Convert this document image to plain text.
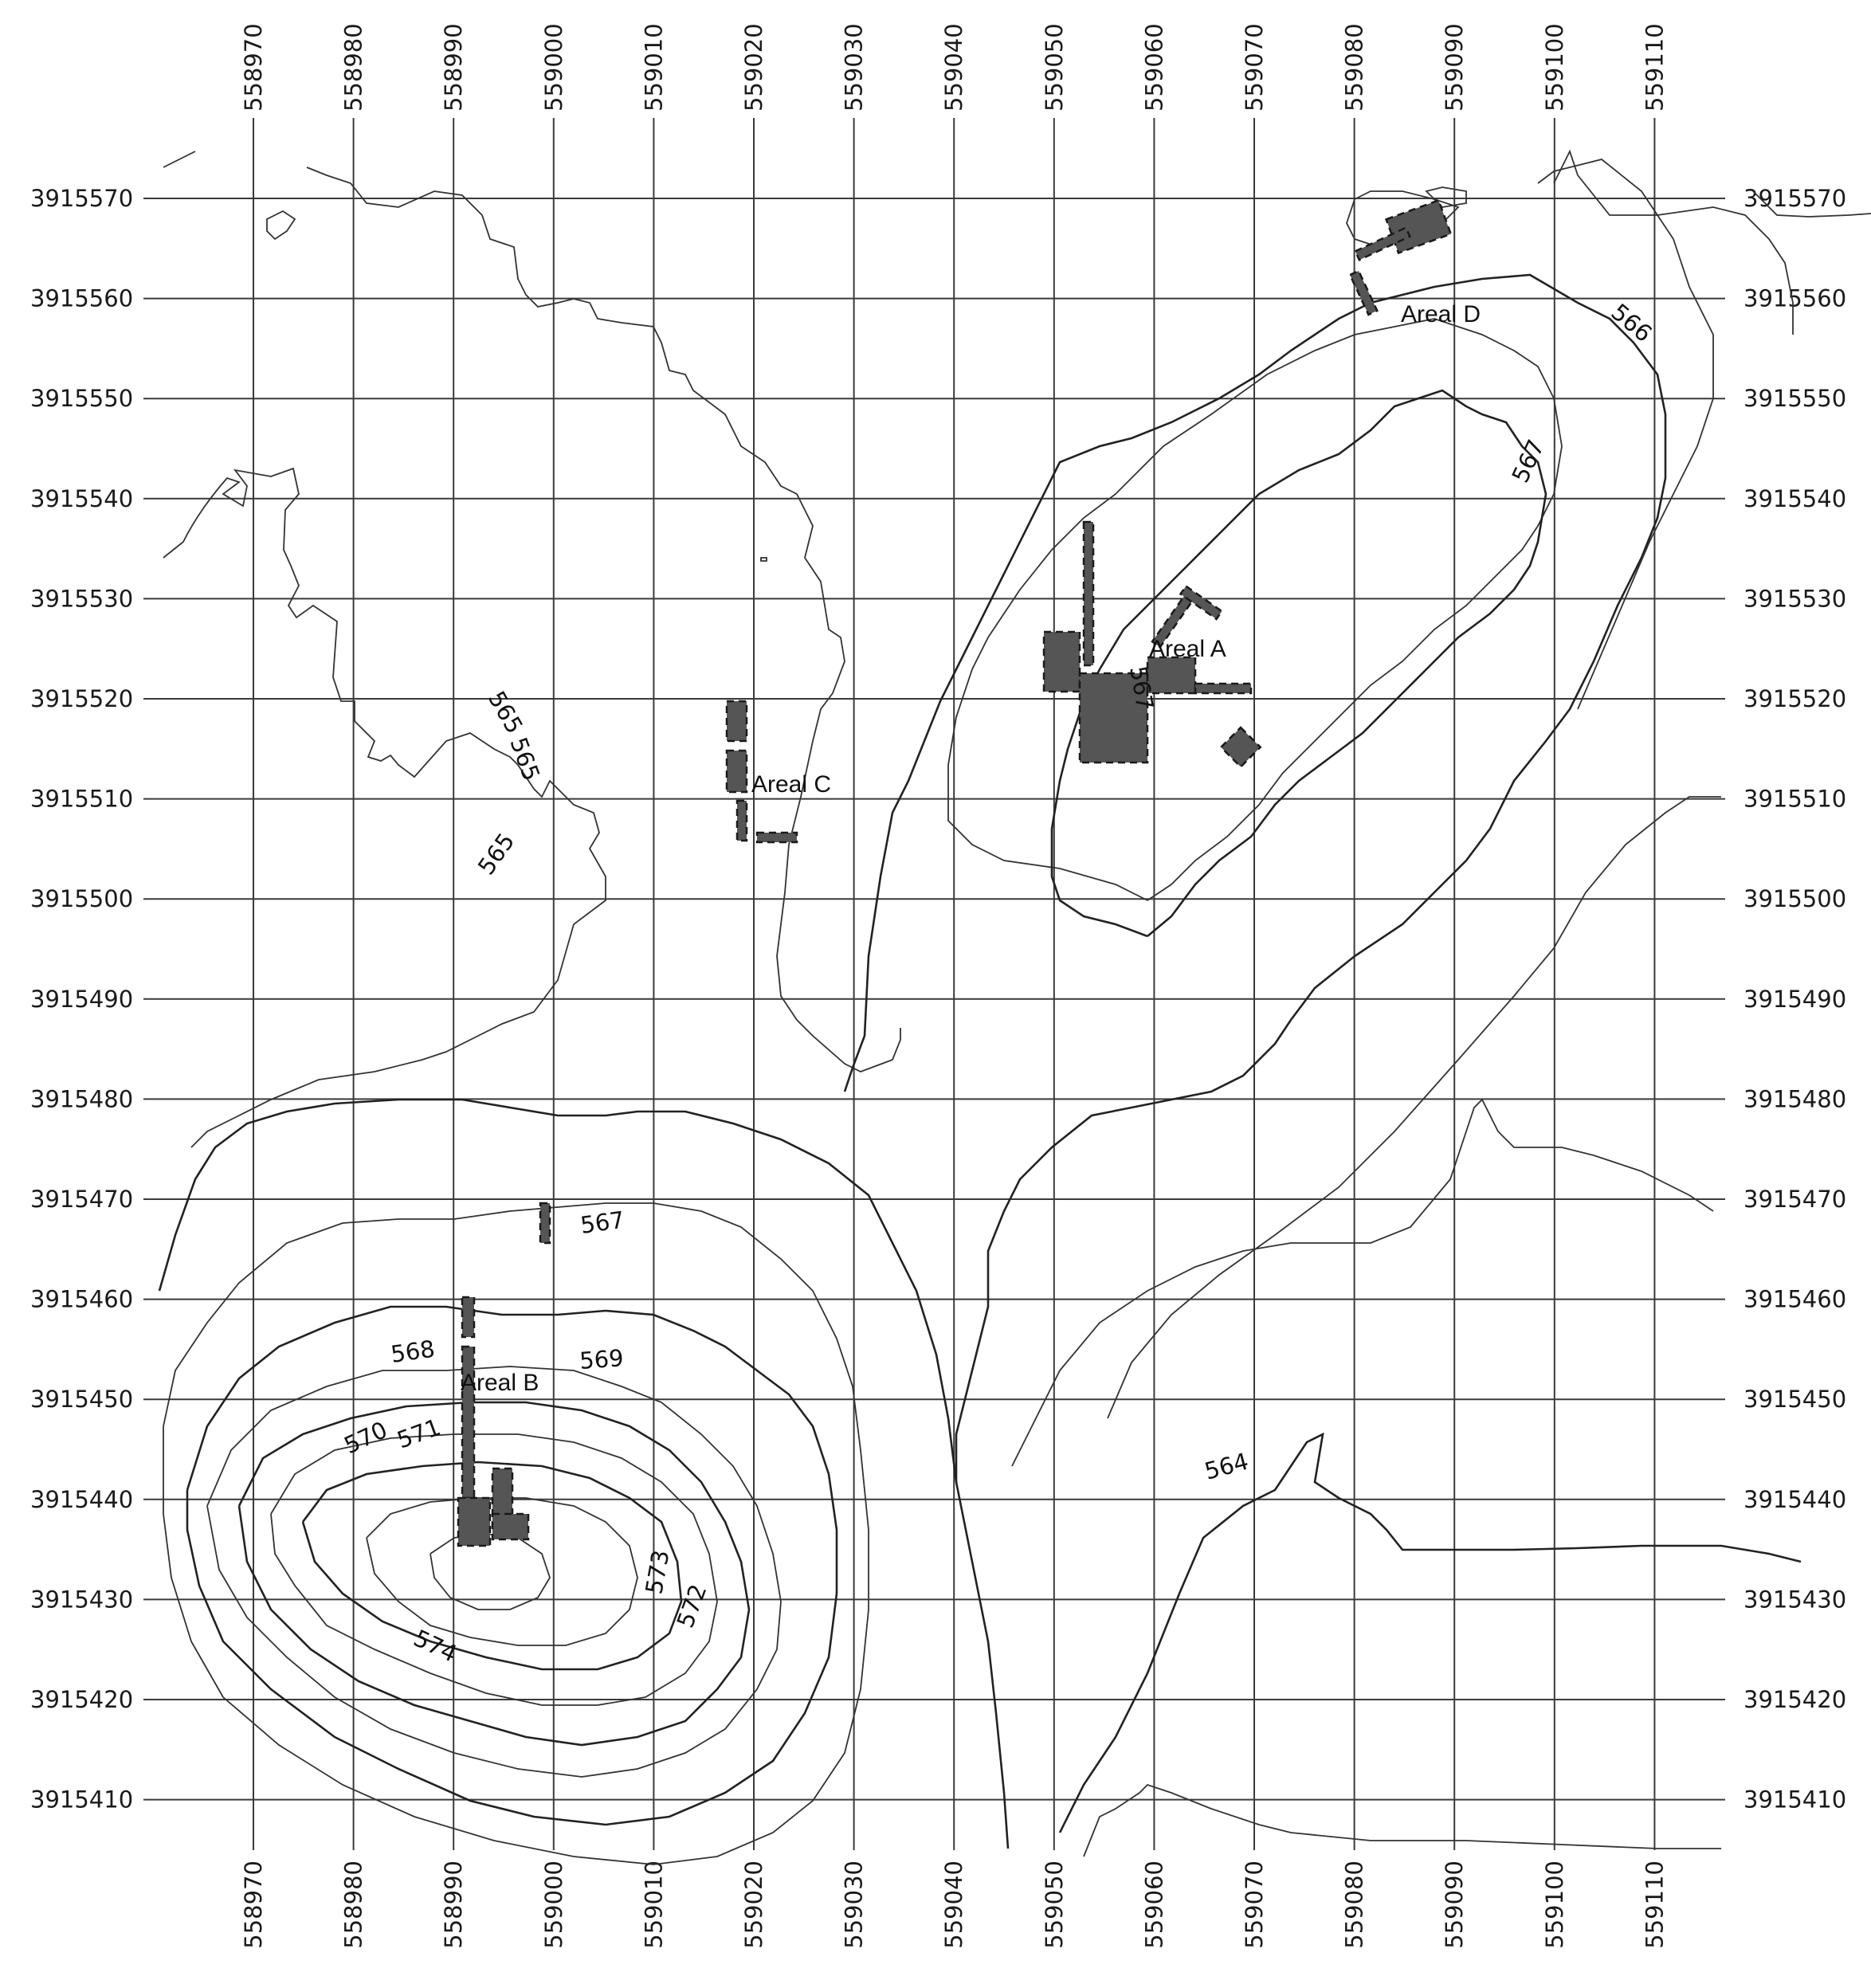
558970
558970
558980
558980
558990
558990
559000
559000
559010
559010
559020
559020
559030
559030
559040
559040
559050
559050
559060
559060
559070
559070
559080
559080
559090
559090
559100
559100
559110
559110
3915570	3915570
3915560	3915560
3915550	3915550
3915540	3915540
3915530	3915530
3915520	3915520
3915510	3915510
3915500	3915500
3915490	3915490
3915480	3915480
3915470	3915470
3915460	3915460
3915450	3915450
3915440	3915440
3915430	3915430
3915420	3915420
3915410	3915410
565
565
565
566
567
567
567
568	569
570 571
572
573
574
564
Areal A
Areal B
Areal C
Areal D
